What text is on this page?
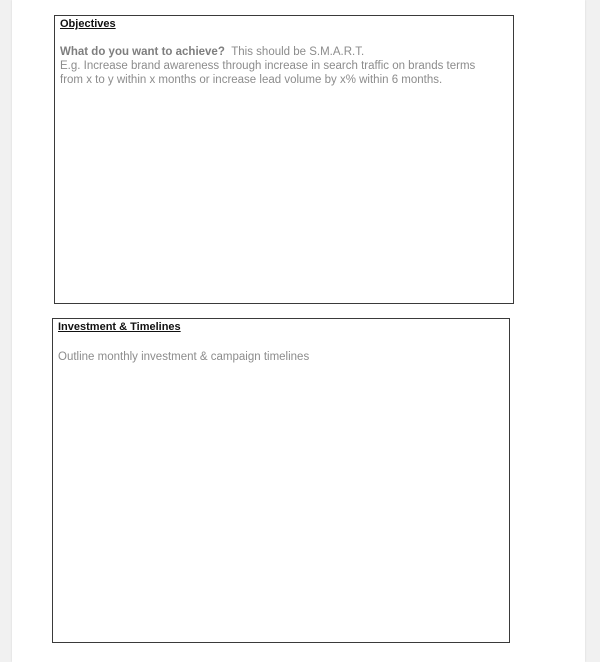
Objectives
What do you want to achieve? This should be S.M.A.R.T.
E.g. Increase brand awareness through increase in search traffic on brands terms
from x to y within x months or increase lead volume by x% within 6 months.
Investment & Timelines
Outline monthly investment & campaign timelines
